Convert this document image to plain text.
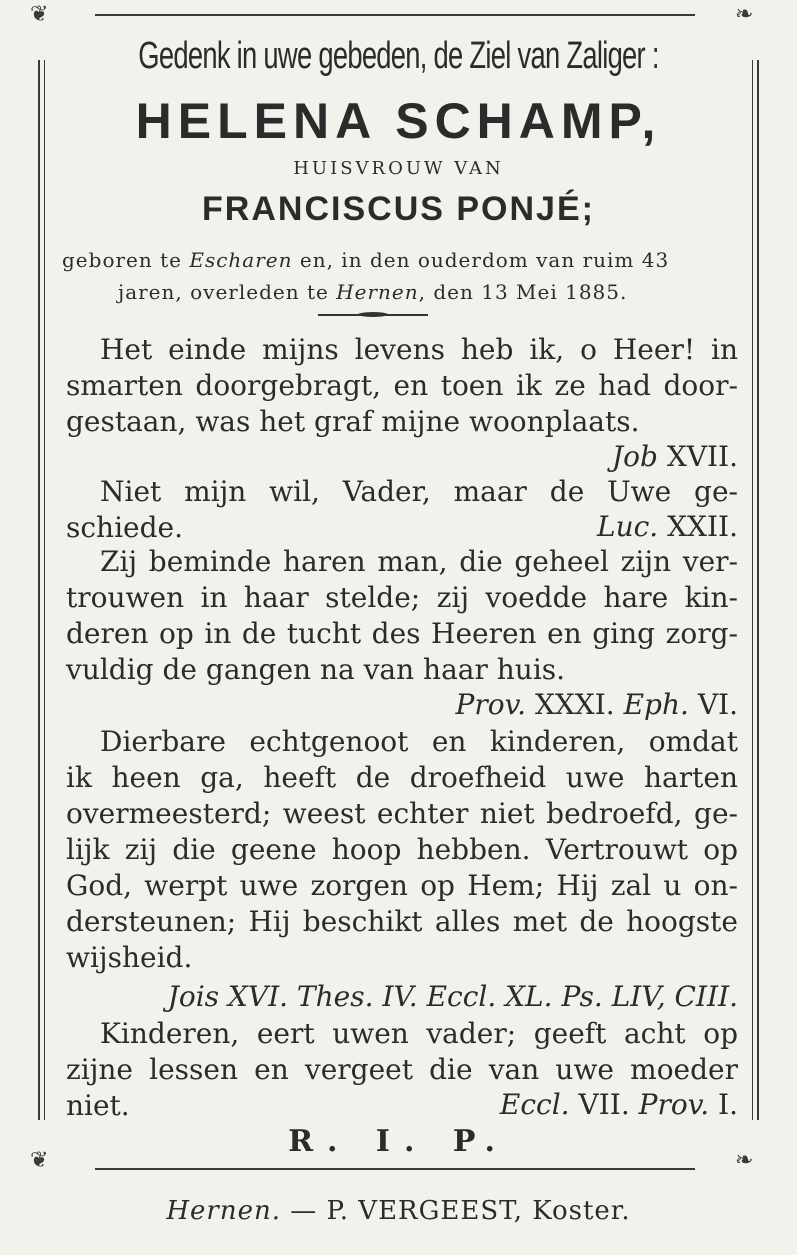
❦	❧
❦	❧
Gedenk in uwe gebeden, de Ziel van Zaliger :
HELENA SCHAMP,
HUISVROUW VAN
FRANCISCUS PONJÉ;
geboren te Escharen en, in den ouderdom van ruim 43
jaren, overleden te Hernen, den 13 Mei 1885.
Het einde mijns levens heb ik, o Heer! in
smarten doorgebragt, en toen ik ze had door-
gestaan, was het graf mijne woonplaats.
Job XVII.
Niet mijn wil, Vader, maar de Uwe ge-
schiede.	Luc. XXII.
Zij beminde haren man, die geheel zijn ver-
trouwen in haar stelde; zij voedde hare kin-
deren op in de tucht des Heeren en ging zorg-
vuldig de gangen na van haar huis.
Prov. XXXI. Eph. VI.
Dierbare echtgenoot en kinderen, omdat
ik heen ga, heeft de droefheid uwe harten
overmeesterd; weest echter niet bedroefd, ge-
lijk zij die geene hoop hebben. Vertrouwt op
God, werpt uwe zorgen op Hem; Hij zal u on-
dersteunen; Hij beschikt alles met de hoogste
wijsheid.
Jois XVI. Thes. IV. Eccl. XL. Ps. LIV, CIII.
Kinderen, eert uwen vader; geeft acht op
zijne lessen en vergeet die van uwe moeder
niet.	Eccl. VII. Prov. I.
R. I. P.
Hernen. — P. VERGEEST, Koster.
